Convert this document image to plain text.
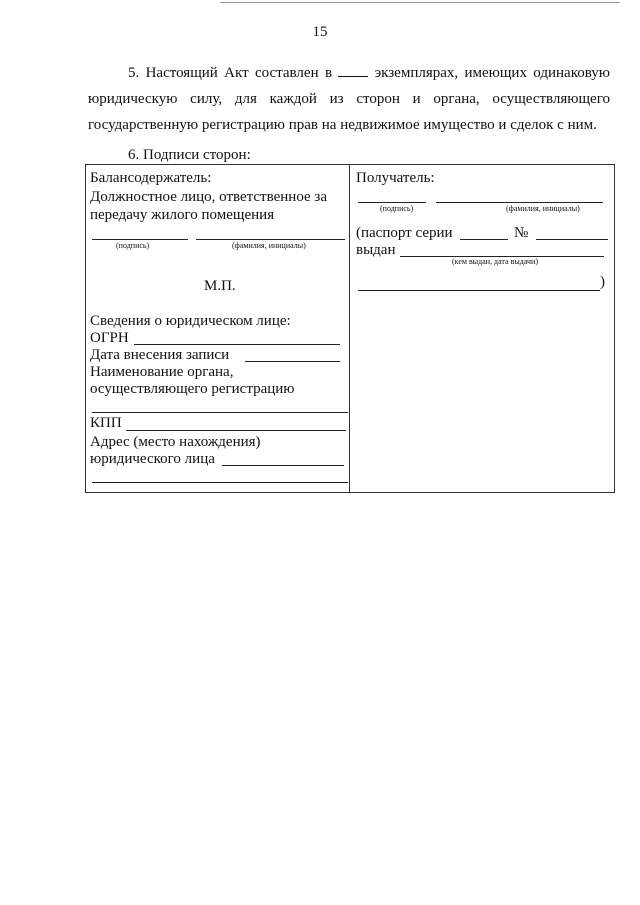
15
5. Настоящий Акт составлен в	экземплярах, имеющих одинаковую юридическую силу, для каждой из сторон и органа, осуществляющего государственную регистрацию прав на недвижимое имущество и сделок с ним.
6. Подписи сторон:
Балансодержатель:
Должностное лицо, ответственное за
передачу жилого помещения
(подпись)	(фамилия, инициалы)
М.П.
Сведения о юридическом лице:
ОГРН
Дата внесения записи
Наименование органа,
осуществляющего регистрацию
КПП
Адрес (место нахождения)
юридического лица
Получатель:
(подпись)	(фамилия, инициалы)
(паспорт серии	№
выдан
(кем выдан, дата выдачи)
)
